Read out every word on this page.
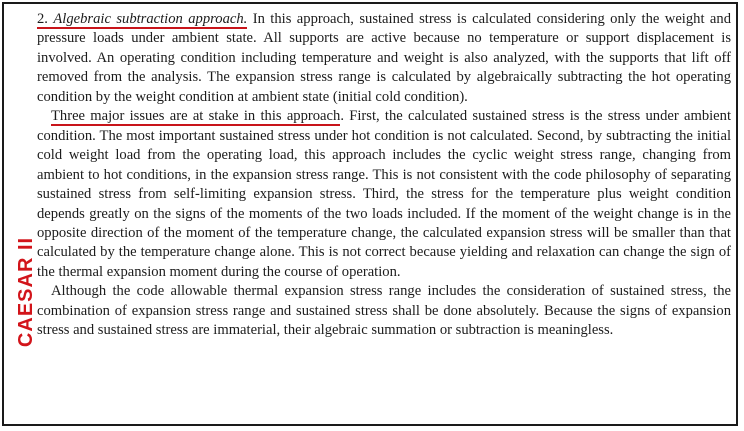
CAESAR II

2. Algebraic subtraction approach. In this approach, sustained stress is calculated considering only the weight and pressure loads under ambient state. All supports are active because no temperature or support displacement is involved. An operating condition including temperature and weight is also analyzed, with the supports that lift off removed from the analysis. The expansion stress range is calculated by algebraically subtracting the hot operating condition by the weight condition at ambient state (initial cold condition).

Three major issues are at stake in this approach. First, the calculated sustained stress is the stress under ambient condition. The most important sustained stress under hot condition is not calculated. Second, by subtracting the initial cold weight load from the operating load, this approach includes the cyclic weight stress range, changing from ambient to hot conditions, in the expansion stress range. This is not consistent with the code philosophy of separating sustained stress from self-limiting expansion stress. Third, the stress for the temperature plus weight condition depends greatly on the signs of the moments of the two loads included. If the moment of the weight change is in the opposite direction of the moment of the temperature change, the calculated expansion stress will be smaller than that calculated by the temperature change alone. This is not correct because yielding and relaxation can change the sign of the thermal expansion moment during the course of operation.

Although the code allowable thermal expansion stress range includes the consideration of sustained stress, the combination of expansion stress range and sustained stress shall be done absolutely. Because the signs of expansion stress and sustained stress are immaterial, their algebraic summation or subtraction is meaningless.
